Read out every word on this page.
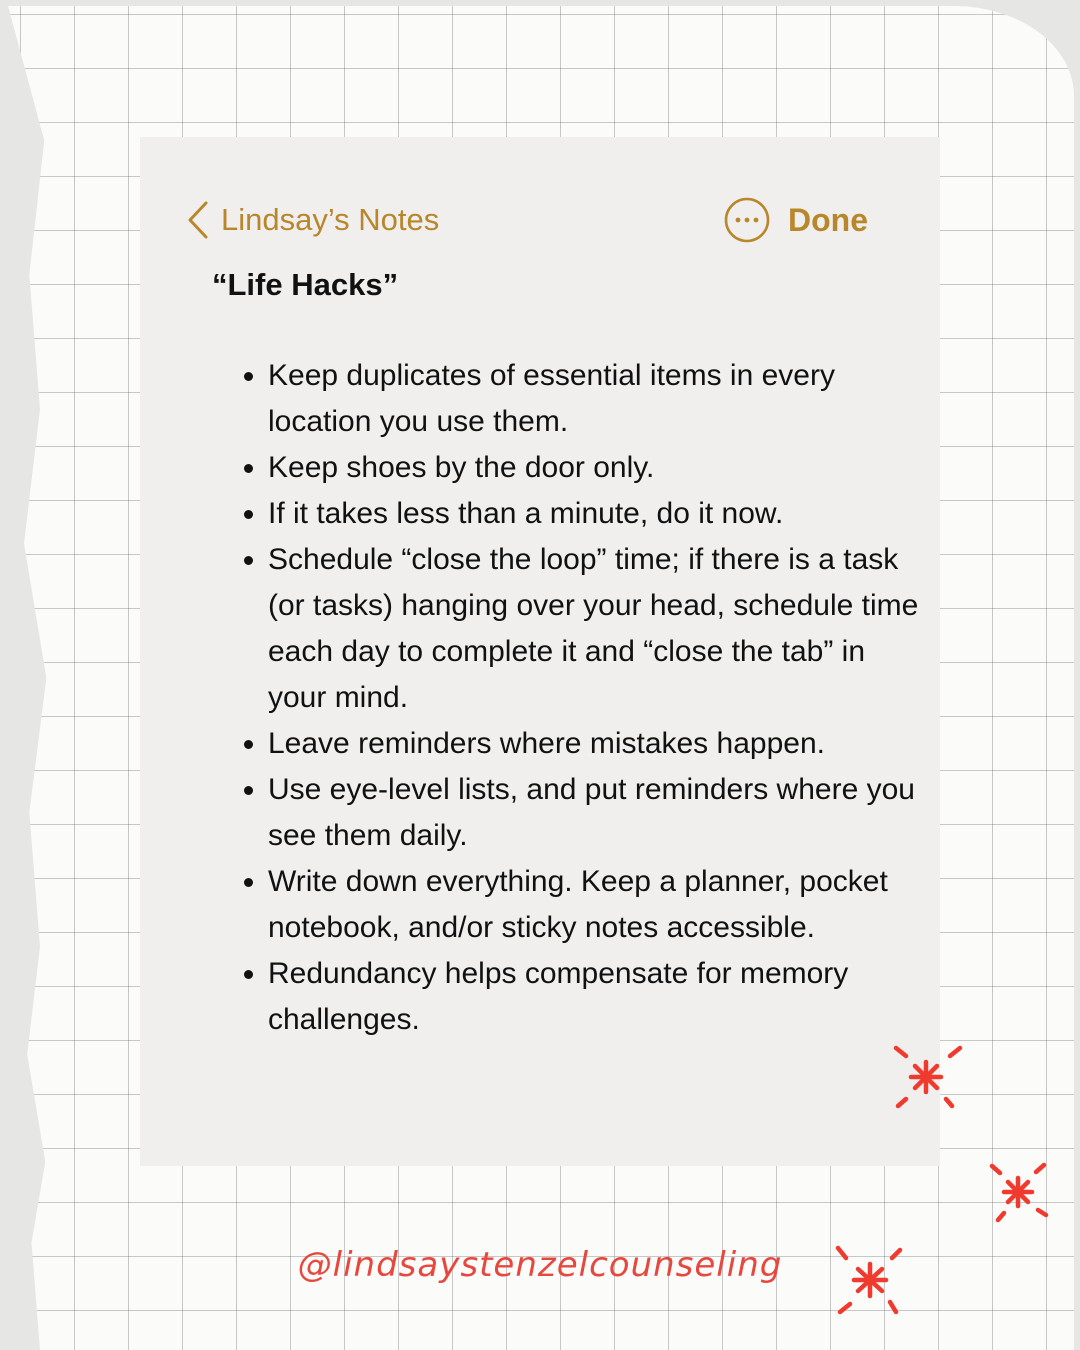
Lindsay’s Notes	Done
“Life Hacks”
• Keep duplicates of essential items in every location you use them.
• Keep shoes by the door only.
• If it takes less than a minute, do it now.
• Schedule “close the loop” time; if there is a task (or tasks) hanging over your head, schedule time each day to complete it and “close the tab” in your mind.
• Leave reminders where mistakes happen.
• Use eye-level lists, and put reminders where you see them daily.
• Write down everything. Keep a planner, pocket notebook, and/or sticky notes accessible.
• Redundancy helps compensate for memory challenges.
@lindsaystenzelcounseling
